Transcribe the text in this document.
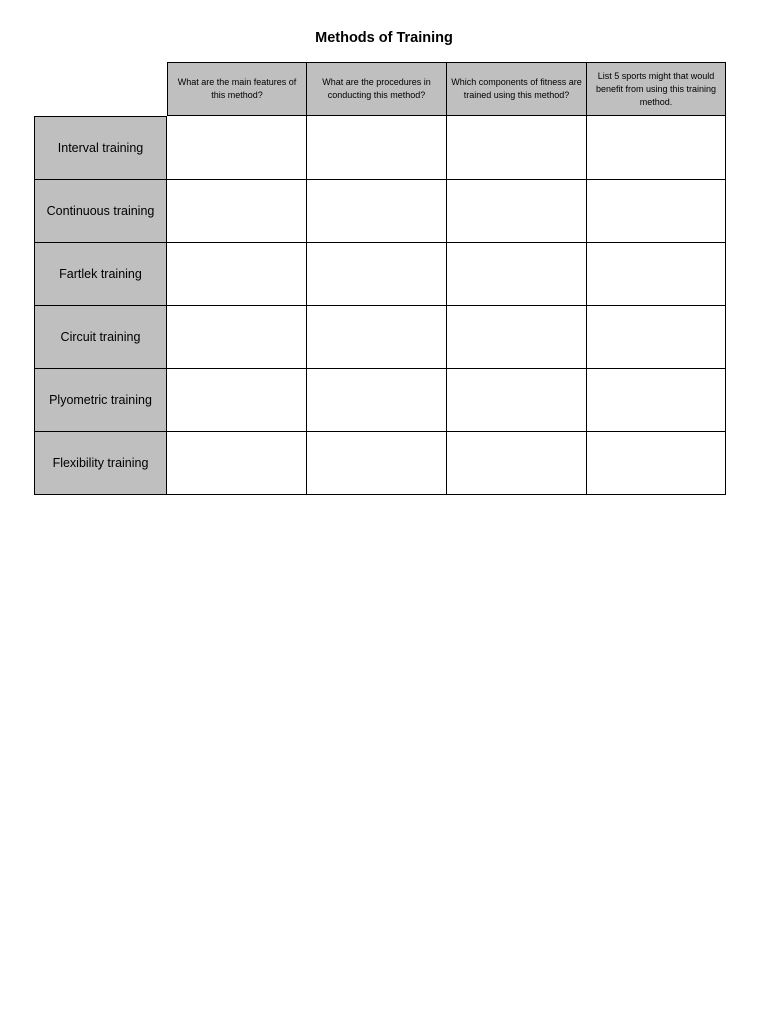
Methods of Training
What are the main features of this method?
What are the procedures in conducting this method?
Which components of fitness are trained using this method?
List 5 sports might that would benefit from using this training method.
Interval training
Continuous training
Fartlek training
Circuit training
Plyometric training
Flexibility training
